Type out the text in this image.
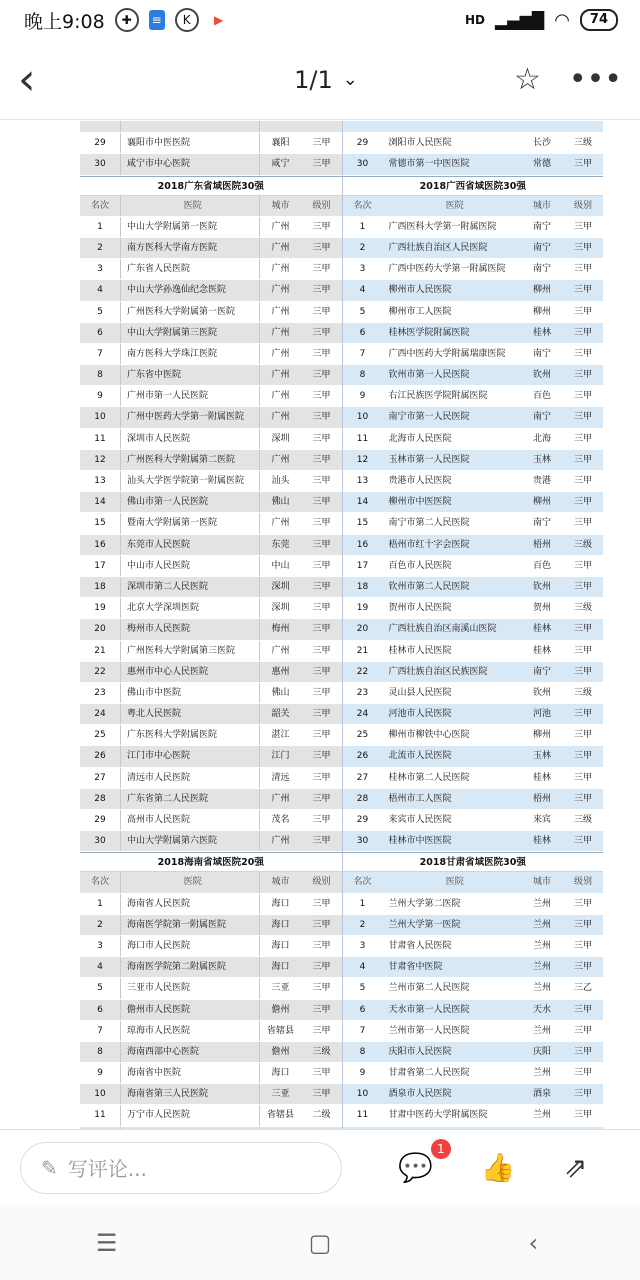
晚上9:08	✚	≡	K	▶	HD ▂▄▆█ ◠	74
‹	1/1 ⌄	☆ •••
29	襄阳市中医医院	襄阳	三甲
30	咸宁市中心医院	咸宁	三甲
29	浏阳市人民医院	长沙	三级
30	常德市第一中医医院	常德	三甲
2018广东省域医院30强	2018广西省域医院30强
名次	医院	城市	级别
1	中山大学附属第一医院	广州	三甲
2	南方医科大学南方医院	广州	三甲
3	广东省人民医院	广州	三甲
4	中山大学孙逸仙纪念医院	广州	三甲
5	广州医科大学附属第一医院	广州	三甲
6	中山大学附属第三医院	广州	三甲
7	南方医科大学珠江医院	广州	三甲
8	广东省中医院	广州	三甲
9	广州市第一人民医院	广州	三甲
10	广州中医药大学第一附属医院	广州	三甲
11	深圳市人民医院	深圳	三甲
12	广州医科大学附属第二医院	广州	三甲
13	汕头大学医学院第一附属医院	汕头	三甲
14	佛山市第一人民医院	佛山	三甲
15	暨南大学附属第一医院	广州	三甲
16	东莞市人民医院	东莞	三甲
17	中山市人民医院	中山	三甲
18	深圳市第二人民医院	深圳	三甲
19	北京大学深圳医院	深圳	三甲
20	梅州市人民医院	梅州	三甲
21	广州医科大学附属第三医院	广州	三甲
22	惠州市中心人民医院	惠州	三甲
23	佛山市中医院	佛山	三甲
24	粤北人民医院	韶关	三甲
25	广东医科大学附属医院	湛江	三甲
26	江门市中心医院	江门	三甲
27	清远市人民医院	清远	三甲
28	广东省第二人民医院	广州	三甲
29	高州市人民医院	茂名	三甲
30	中山大学附属第六医院	广州	三甲
名次	医院	城市	级别
1	广西医科大学第一附属医院	南宁	三甲
2	广西壮族自治区人民医院	南宁	三甲
3	广西中医药大学第一附属医院	南宁	三甲
4	柳州市人民医院	柳州	三甲
5	柳州市工人医院	柳州	三甲
6	桂林医学院附属医院	桂林	三甲
7	广西中医药大学附属瑞康医院	南宁	三甲
8	钦州市第一人民医院	钦州	三甲
9	右江民族医学院附属医院	百色	三甲
10	南宁市第一人民医院	南宁	三甲
11	北海市人民医院	北海	三甲
12	玉林市第一人民医院	玉林	三甲
13	贵港市人民医院	贵港	三甲
14	柳州市中医医院	柳州	三甲
15	南宁市第二人民医院	南宁	三甲
16	梧州市红十字会医院	梧州	三级
17	百色市人民医院	百色	三甲
18	钦州市第二人民医院	钦州	三甲
19	贺州市人民医院	贺州	三级
20	广西壮族自治区南溪山医院	桂林	三甲
21	桂林市人民医院	桂林	三甲
22	广西壮族自治区民族医院	南宁	三甲
23	灵山县人民医院	钦州	三级
24	河池市人民医院	河池	三甲
25	柳州市柳铁中心医院	柳州	三甲
26	北流市人民医院	玉林	三甲
27	桂林市第二人民医院	桂林	三甲
28	梧州市工人医院	梧州	三甲
29	来宾市人民医院	来宾	三级
30	桂林市中医医院	桂林	三甲
2018海南省域医院20强	2018甘肃省域医院30强
名次	医院	城市	级别
1	海南省人民医院	海口	三甲
2	海南医学院第一附属医院	海口	三甲
3	海口市人民医院	海口	三甲
4	海南医学院第二附属医院	海口	三甲
5	三亚市人民医院	三亚	三甲
6	儋州市人民医院	儋州	三甲
7	琼海市人民医院	省辖县	三甲
8	海南西部中心医院	儋州	三级
9	海南省中医院	海口	三甲
10	海南省第三人民医院	三亚	三甲
11	万宁市人民医院	省辖县	二级
名次	医院	城市	级别
1	兰州大学第二医院	兰州	三甲
2	兰州大学第一医院	兰州	三甲
3	甘肃省人民医院	兰州	三甲
4	甘肃省中医院	兰州	三甲
5	兰州市第二人民医院	兰州	三乙
6	天水市第一人民医院	天水	三甲
7	兰州市第一人民医院	兰州	三甲
8	庆阳市人民医院	庆阳	三甲
9	甘肃省第二人民医院	兰州	三甲
10	酒泉市人民医院	酒泉	三甲
11	甘肃中医药大学附属医院	兰州	三甲
✎ 写评论...	💬
1
👍 ⇗
☰	▢	‹
